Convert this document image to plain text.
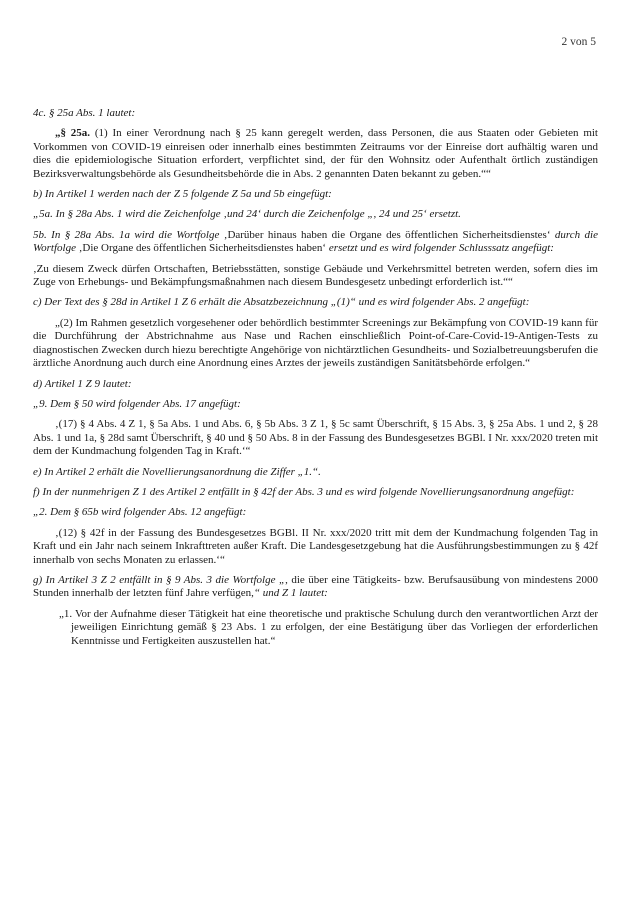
2 von 5

4c. § 25a Abs. 1 lautet:

„§ 25a. (1) In einer Verordnung nach § 25 kann geregelt werden, dass Personen, die aus Staaten oder Gebieten mit Vorkommen von COVID-19 einreisen oder innerhalb eines bestimmten Zeitraums vor der Einreise dort aufhältig waren und dies die epidemiologische Situation erfordert, verpflichtet sind, der für den Wohnsitz oder Aufenthalt örtlich zuständigen Bezirksverwaltungsbehörde als Gesundheitsbehörde die in Abs. 2 genannten Daten bekannt zu geben.““

b) In Artikel 1 werden nach der Z 5 folgende Z 5a und 5b eingefügt:

„5a. In § 28a Abs. 1 wird die Zeichenfolge ‚und 24‘ durch die Zeichenfolge „, 24 und 25‘ ersetzt.

5b. In § 28a Abs. 1a wird die Wortfolge ‚Darüber hinaus haben die Organe des öffentlichen Sicherheitsdienstes‘ durch die Wortfolge ‚Die Organe des öffentlichen Sicherheitsdienstes haben‘ ersetzt und es wird folgender Schlusssatz angefügt:

‚Zu diesem Zweck dürfen Ortschaften, Betriebsstätten, sonstige Gebäude und Verkehrsmittel betreten werden, sofern dies im Zuge von Erhebungs- und Bekämpfungsmaßnahmen nach diesem Bundesgesetz unbedingt erforderlich ist.““

c) Der Text des § 28d in Artikel 1 Z 6 erhält die Absatzbezeichnung „(1)“ und es wird folgender Abs. 2 angefügt:

„(2) Im Rahmen gesetzlich vorgesehener oder behördlich bestimmter Screenings zur Bekämpfung von COVID-19 kann für die Durchführung der Abstrichnahme aus Nase und Rachen einschließlich Point-of-Care-Covid-19-Antigen-Tests zu diagnostischen Zwecken durch hiezu berechtigte Angehörige von nichtärztlichen Gesundheits- und Sozialbetreuungsberufen die ärztliche Anordnung auch durch eine Anordnung eines Arztes der jeweils zuständigen Sanitätsbehörde erfolgen.“

d) Artikel 1 Z 9 lautet:

„9. Dem § 50 wird folgender Abs. 17 angefügt:

‚(17) § 4 Abs. 4 Z 1, § 5a Abs. 1 und Abs. 6, § 5b Abs. 3 Z 1, § 5c samt Überschrift, § 15 Abs. 3, § 25a Abs. 1 und 2, § 28 Abs. 1 und 1a, § 28d samt Überschrift, § 40 und § 50 Abs. 8 in der Fassung des Bundesgesetzes BGBl. I Nr. xxx/2020 treten mit dem der Kundmachung folgenden Tag in Kraft.‘“

e) In Artikel 2 erhält die Novellierungsanordnung die Ziffer „1.“.

f) In der nunmehrigen Z 1 des Artikel 2 entfällt in § 42f der Abs. 3 und es wird folgende Novellierungsanordnung angefügt:

„2. Dem § 65b wird folgender Abs. 12 angefügt:

‚(12) § 42f in der Fassung des Bundesgesetzes BGBl. II Nr. xxx/2020 tritt mit dem der Kundmachung folgenden Tag in Kraft und ein Jahr nach seinem Inkrafttreten außer Kraft. Die Landesgesetzgebung hat die Ausführungsbestimmungen zu § 42f innerhalb von sechs Monaten zu erlassen.‘“

g) In Artikel 3 Z 2 entfällt in § 9 Abs. 3 die Wortfolge „, die über eine Tätigkeits- bzw. Berufsausübung von mindestens 2000 Stunden innerhalb der letzten fünf Jahre verfügen,“ und Z 1 lautet:

„1. Vor der Aufnahme dieser Tätigkeit hat eine theoretische und praktische Schulung durch den verantwortlichen Arzt der jeweiligen Einrichtung gemäß § 23 Abs. 1 zu erfolgen, der eine Bestätigung über das Vorliegen der erforderlichen Kenntnisse und Fertigkeiten auszustellen hat.“
